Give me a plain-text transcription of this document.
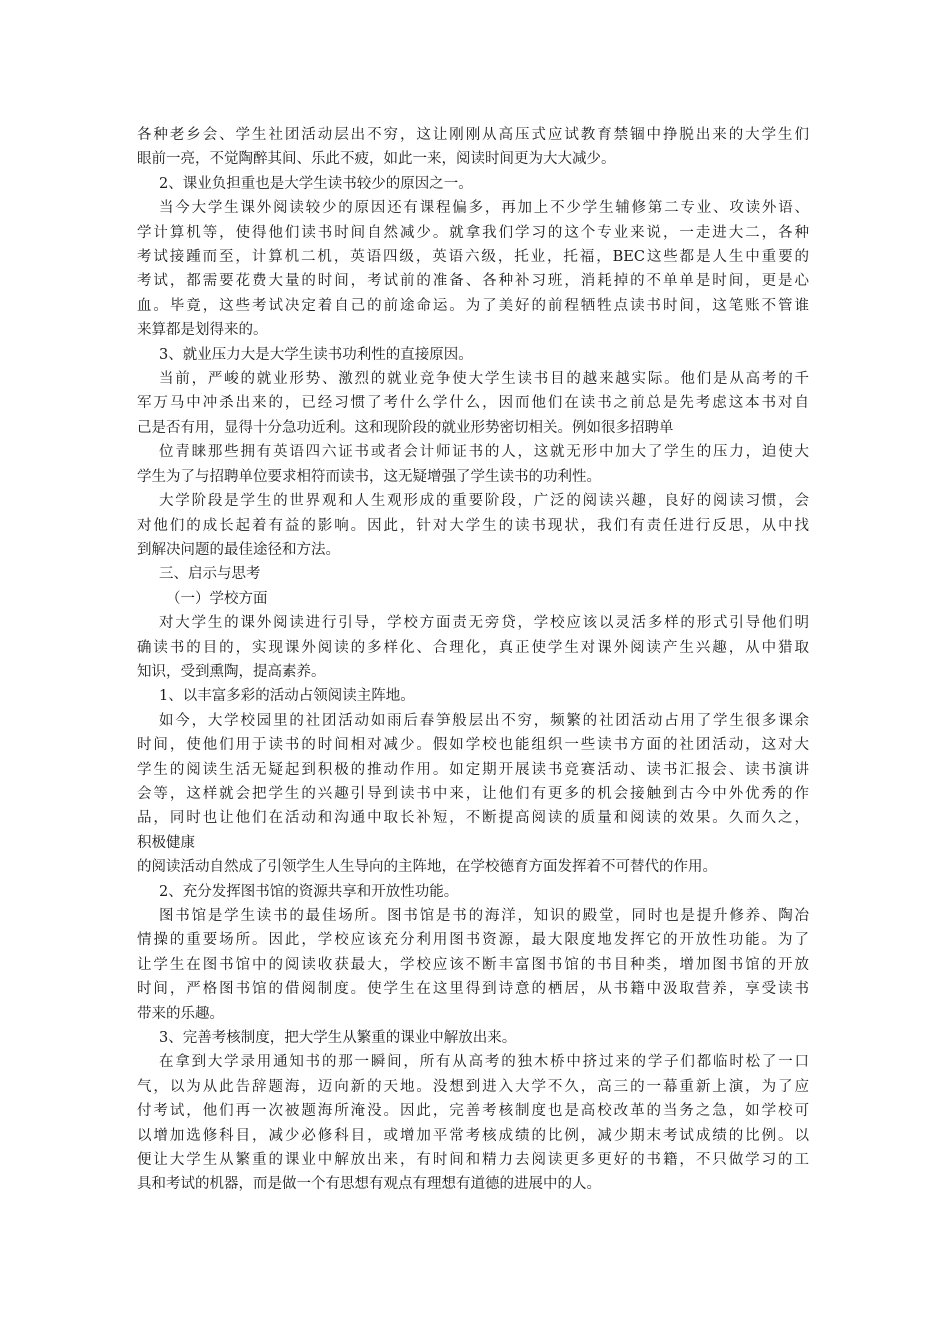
各种老乡会、学生社团活动层出不穷，这让刚刚从高压式应试教育禁锢中挣脱出来的大学生们
眼前一亮，不觉陶醉其间、乐此不疲，如此一来，阅读时间更为大大减少。
2、课业负担重也是大学生读书较少的原因之一。
当今大学生课外阅读较少的原因还有课程偏多，再加上不少学生辅修第二专业、攻读外语、
学计算机等，使得他们读书时间自然减少。就拿我们学习的这个专业来说，一走进大二，各种
考试接踵而至，计算机二机，英语四级，英语六级，托业，托福，BEC这些都是人生中重要的
考试，都需要花费大量的时间，考试前的准备、各种补习班，消耗掉的不单单是时间，更是心
血。毕竟，这些考试决定着自己的前途命运。为了美好的前程牺牲点读书时间，这笔账不管谁
来算都是划得来的。
3、就业压力大是大学生读书功利性的直接原因。
当前，严峻的就业形势、激烈的就业竞争使大学生读书目的越来越实际。他们是从高考的千
军万马中冲杀出来的，已经习惯了考什么学什么，因而他们在读书之前总是先考虑这本书对自
己是否有用，显得十分急功近利。这和现阶段的就业形势密切相关。例如很多招聘单
位青睐那些拥有英语四六证书或者会计师证书的人，这就无形中加大了学生的压力，迫使大
学生为了与招聘单位要求相符而读书，这无疑增强了学生读书的功利性。
大学阶段是学生的世界观和人生观形成的重要阶段，广泛的阅读兴趣，良好的阅读习惯，会
对他们的成长起着有益的影响。因此，针对大学生的读书现状，我们有责任进行反思，从中找
到解决问题的最佳途径和方法。
三、启示与思考
（一）学校方面
对大学生的课外阅读进行引导，学校方面责无旁贷，学校应该以灵活多样的形式引导他们明
确读书的目的，实现课外阅读的多样化、合理化，真正使学生对课外阅读产生兴趣，从中猎取
知识，受到熏陶，提高素养。
1、以丰富多彩的活动占领阅读主阵地。
如今，大学校园里的社团活动如雨后春笋般层出不穷，频繁的社团活动占用了学生很多课余
时间，使他们用于读书的时间相对减少。假如学校也能组织一些读书方面的社团活动，这对大
学生的阅读生活无疑起到积极的推动作用。如定期开展读书竞赛活动、读书汇报会、读书演讲
会等，这样就会把学生的兴趣引导到读书中来，让他们有更多的机会接触到古今中外优秀的作
品，同时也让他们在活动和沟通中取长补短，不断提高阅读的质量和阅读的效果。久而久之，
积极健康
的阅读活动自然成了引领学生人生导向的主阵地，在学校德育方面发挥着不可替代的作用。
2、充分发挥图书馆的资源共享和开放性功能。
图书馆是学生读书的最佳场所。图书馆是书的海洋，知识的殿堂，同时也是提升修养、陶冶
情操的重要场所。因此，学校应该充分利用图书资源，最大限度地发挥它的开放性功能。为了
让学生在图书馆中的阅读收获最大，学校应该不断丰富图书馆的书目种类，增加图书馆的开放
时间，严格图书馆的借阅制度。使学生在这里得到诗意的栖居，从书籍中汲取营养，享受读书
带来的乐趣。
3、完善考核制度，把大学生从繁重的课业中解放出来。
在拿到大学录用通知书的那一瞬间，所有从高考的独木桥中挤过来的学子们都临时松了一口
气，以为从此告辞题海，迈向新的天地。没想到进入大学不久，高三的一幕重新上演，为了应
付考试，他们再一次被题海所淹没。因此，完善考核制度也是高校改革的当务之急，如学校可
以增加选修科目，减少必修科目，或增加平常考核成绩的比例，减少期末考试成绩的比例。以
便让大学生从繁重的课业中解放出来，有时间和精力去阅读更多更好的书籍，不只做学习的工
具和考试的机器，而是做一个有思想有观点有理想有道德的进展中的人。
